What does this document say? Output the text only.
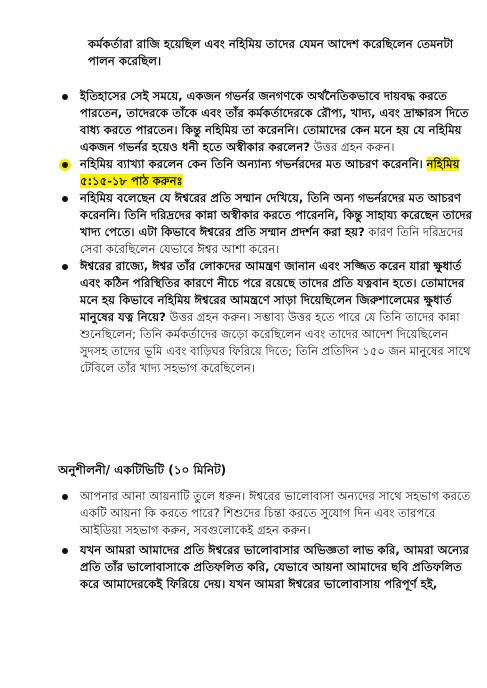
কর্মকর্তারা রাজি হয়েছিল এবং নহিমিয় তাদের যেমন আদেশ করেছিলেন তেমনটা পালন করেছিল।
ইতিহাসের সেই সময়ে, একজন গভর্নর জনগণকে অর্থনৈতিকভাবে দায়বদ্ধ করতে পারতেন, তাদেরকে তাঁকে এবং তাঁর কর্মকর্তাদেরকে রৌপ্য, খাদ্য, এবং দ্রাক্ষারস দিতে বাধ্য করতে পারতেন। কিন্তু নহিমিয় তা করেননি। তোমাদের কেন মনে হয় যে নহিমিয় একজন গভর্নর হয়েও ধনী হতে অস্বীকার করলেন? উত্তর গ্রহন করুন।
নহিমিয় ব্যাখ্যা করলেন কেন তিনি অন্যান্য গভর্নরদের মত আচরণ করেননি। নহিমিয় ৫:১৫-১৮ পাঠ করুনঃ
নহিমিয় বলেছেন যে ঈশ্বরের প্রতি সম্মান দেখিয়ে, তিনি অন্য গভর্নরদের মত আচরণ করেননি। তিনি দরিদ্রদের কান্না অস্বীকার করতে পারেননি, কিন্তু সাহায্য করেছেন তাদের খাদ্য পেতে। এটা কিভাবে ঈশ্বরের প্রতি সম্মান প্রদর্শন করা হয়? কারণ তিনি দরিদ্রদের সেবা করেছিলেন যেভাবে ঈশ্বর আশা করেন।
ঈশ্বরের রাজ্যে, ঈশ্বর তাঁর লোকদের আমন্ত্রণ জানান এবং সজ্জিত করেন যারা ক্ষুধার্ত এবং কঠিন পরিস্থিতির কারণে নীচে পরে রয়েছে তাদের প্রতি যত্নবান হতে। তোমাদের মনে হয় কিভাবে নহিমিয় ঈশ্বরের আমন্ত্রণে সাড়া দিয়েছিলেন জিরুশালেমের ক্ষুধার্ত মানুষের যত্ন নিয়ে? উত্তর গ্রহন করুন। সম্ভাব্য উত্তর হতে পারে যে তিনি তাদের কান্না শুনেছিলেন; তিনি কর্মকর্তাদের জড়ো করেছিলেন এবং তাদের আদেশ দিয়েছিলেন সুদসহ তাদের ভূমি এবং বাড়িঘর ফিরিয়ে দিতে; তিনি প্রতিদিন ১৫০ জন মানুষের সাথে টেবিলে তাঁর খাদ্য সহভাগ করেছিলেন।
অনুশীলনী/ একটিভিটি (১০ মিনিট)
আপনার আনা আয়নাটি তুলে ধরুন। ঈশ্বরের ভালোবাসা অন্যদের সাথে সহভাগ করতে একটি আয়না কি করতে পারে? শিশুদের চিন্তা করতে সুযোগ দিন এবং তারপরে আইডিয়া সহভাগ করুন, সবগুলোকেই গ্রহন করুন।
যখন আমরা আমাদের প্রতি ঈশ্বরের ভালোবাসার অভিজ্ঞতা লাভ করি, আমরা অন্যের প্রতি তাঁর ভালোবাসাকে প্রতিফলিত করি, যেভাবে আয়না আমাদের ছবি প্রতিফলিত করে আমাদেরকেই ফিরিয়ে দেয়। যখন আমরা ঈশ্বরের ভালোবাসায় পরিপূর্ণ হই,
